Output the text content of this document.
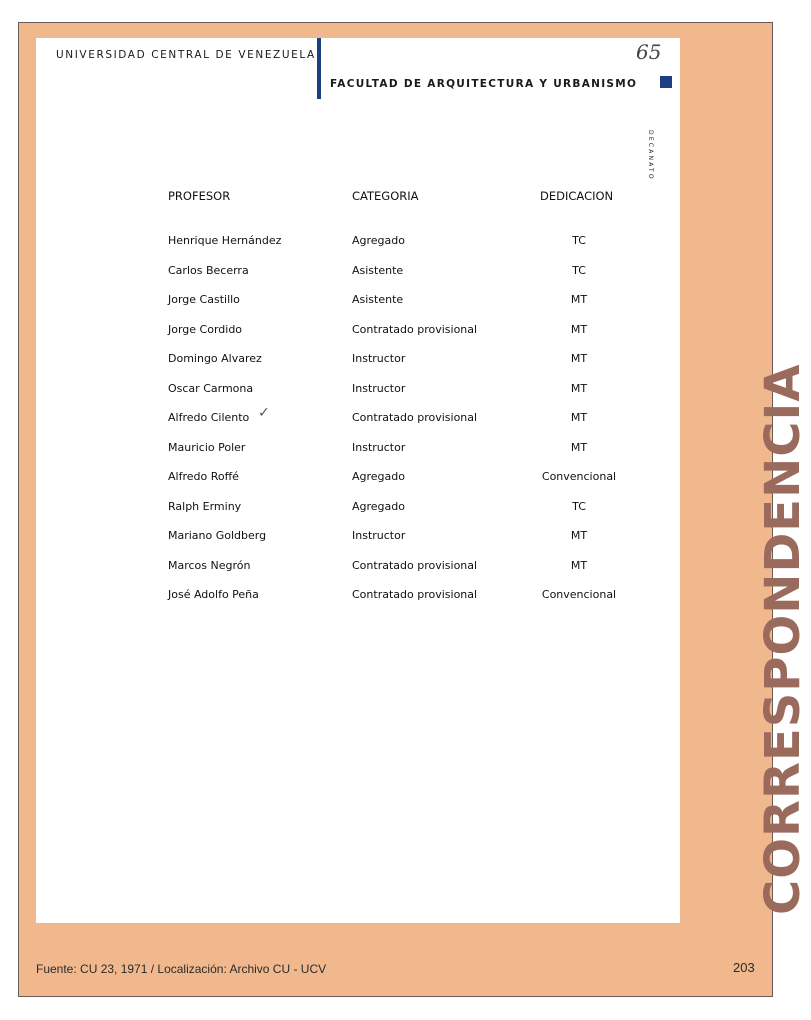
UNIVERSIDAD CENTRAL DE VENEZUELA
FACULTAD DE ARQUITECTURA Y URBANISMO
DECANATO
65
PROFESOR	CATEGORIA	DEDICACION
Henrique Hernández	Agregado	TC
Carlos Becerra	Asistente	TC
Jorge Castillo	Asistente	MT
Jorge Cordido	Contratado provisional	MT
Domingo Alvarez	Instructor	MT
Oscar Carmona	Instructor	MT
Alfredo Cilento	Contratado provisional	MT
Mauricio Poler	Instructor	MT
Alfredo Roffé	Agregado	Convencional
Ralph Erminy	Agregado	TC
Mariano Goldberg	Instructor	MT
Marcos Negrón	Contratado provisional	MT
José Adolfo Peña	Contratado provisional	Convencional
✓	CORRESPONDENCIA
Fuente: CU 23, 1971 / Localización: Archivo CU - UCV	203
